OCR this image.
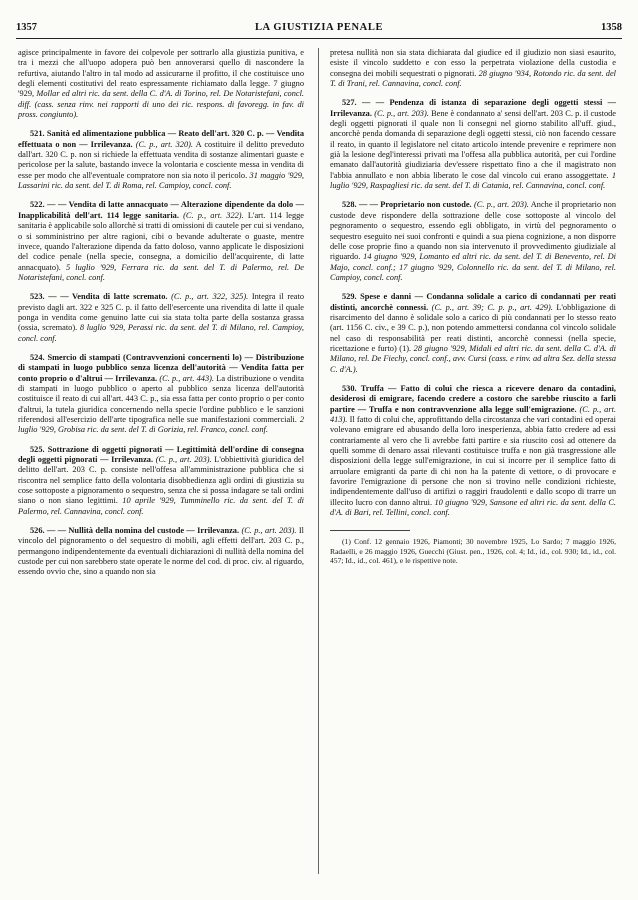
1357	LA GIUSTIZIA PENALE	1358

agisce principalmente in favore dei colpevole per sottrarlo alla giustizia punitiva, e tra i mezzi che all'uopo adopera può ben annoverarsi quello di nascondere la refurtiva, aiutando l'altro in tal modo ad assicurarne il profitto, il che costituisce uno degli elementi costitutivi del reato espressamente richiamato dalla legge. 7 giugno '929, Mollar ed altri ric. da sent. della C. d'A. di Torino, rel. De Notaristefani, concl. diff. (cass. senza rinv. nei rapporti di uno dei ric. respons. di favoregg. in fav. di pross. congiunto).

521. Sanità ed alimentazione pubblica — Reato dell'art. 320 C. p. — Vendita effettuata o non — Irrilevanza. (C. p., art. 320). A costituire il delitto preveduto dall'art. 320 C. p. non si richiede la effettuata vendita di sostanze alimentari guaste e pericolose per la salute, bastando invece la volontaria e cosciente messa in vendita di esse per modo che all'eventuale compratore non sia noto il pericolo. 31 maggio '929, Lassarini ric. da sent. del T. di Roma, rel. Campioy, concl. conf.

522. — — Vendita di latte annacquato — Alterazione dipendente da dolo — Inapplicabilità dell'art. 114 legge sanitaria. (C. p., art. 322). L'art. 114 legge sanitaria è applicabile solo allorchè si tratti di omissioni di cautele per cui si vendano, o si somministrino per altre ragioni, cibi o bevande adulterate o guaste, mentre invece, quando l'alterazione dipenda da fatto doloso, vanno applicate le disposizioni del codice penale (nella specie, consegna, a domicilio dell'acquirente, di latte annacquato). 5 luglio '929, Ferrara ric. da sent. del T. di Palermo, rel. De Notaristefani, concl. conf.

523. — — Vendita di latte scremato. (C. p., art. 322, 325). Integra il reato previsto dagli art. 322 e 325 C. p. il fatto dell'esercente una rivendita di latte il quale ponga in vendita come genuino latte cui sia stata tolta parte della sostanza grassa (ossia, scremato). 8 luglio '929, Perassi ric. da sent. del T. di Milano, rel. Campioy, concl. conf.

524. Smercio di stampati (Contravvenzioni concernenti lo) — Distribuzione di stampati in luogo pubblico senza licenza dell'autorità — Vendita fatta per conto proprio o d'altrui — Irrilevanza. (C. p., art. 443). La distribuzione o vendita di stampati in luogo pubblico o aperto al pubblico senza licenza dell'autorità costituisce il reato di cui all'art. 443 C. p., sia essa fatta per conto proprio o per conto d'altrui, la tutela giuridica concernendo nella specie l'ordine pubblico e le sanzioni riferendosi all'esercizio dell'arte tipografica nelle sue manifestazioni commerciali. 2 luglio '929, Grobisa ric. da sent. del T. di Gorizia, rel. Franco, concl. conf.

525. Sottrazione di oggetti pignorati — Legittimità dell'ordine di consegna degli oggetti pignorati — Irrilevanza. (C. p., art. 203). L'obbiettività giuridica del delitto dell'art. 203 C. p. consiste nell'offesa all'amministrazione pubblica che si riscontra nel semplice fatto della volontaria disobbedienza agli ordini di giustizia su cose sottoposte a pignoramento o sequestro, senza che si possa indagare se tali ordini siano o non siano legittimi. 10 aprile '929, Tumminello ric. da sent. del T. di Palermo, rel. Cannavina, concl. conf.

526. — — Nullità della nomina del custode — Irrilevanza. (C. p., art. 203). Il vincolo del pignoramento o del sequestro di mobili, agli effetti dell'art. 203 C. p., permangono indipendentemente da eventuali dichiarazioni di nullità della nomina del custode per cui non sarebbero state operate le norme del cod. di proc. civ. al riguardo, essendo ovvio che, sino a quando non sia

pretesa nullità non sia stata dichiarata dal giudice ed il giudizio non siasi esaurito, esiste il vincolo suddetto e con esso la perpetrata violazione della custodia e consegna dei mobili sequestrati o pignorati. 28 giugno '934, Rotondo ric. da sent. del T. di Trani, rel. Cannavina, concl. conf.

527. — — Pendenza di istanza di separazione degli oggetti stessi — Irrilevanza. (C. p., art. 203). Bene è condannato a' sensi dell'art. 203 C. p. il custode degli oggetti pignorati il quale non li consegni nel giorno stabilito all'uff. giud., ancorchè penda domanda di separazione degli oggetti stessi, ciò non facendo cessare il reato, in quanto il legislatore nel citato articolo intende prevenire e reprimere non già la lesione degl'interessi privati ma l'offesa alla pubblica autorità, per cui l'ordine emanato dall'autorità giudiziaria dev'essere rispettato fino a che il magistrato non l'abbia annullato e non abbia liberato le cose dal vincolo cui erano assoggettate. 1 luglio '929, Raspagliesi ric. da sent. del T. di Catania, rel. Cannavina, concl. conf.

528. — — Proprietario non custode. (C. p., art. 203). Anche il proprietario non custode deve rispondere della sottrazione delle cose sottoposte al vincolo del pegnoramento o sequestro, essendo egli obbligato, in virtù del pegnoramento o sequestro eseguito nei suoi confronti e quindi a sua piena cognizione, a non disporre delle cose proprie fino a quando non sia intervenuto il provvedimento giudiziale al riguardo. 14 giugno '929, Lomanto ed altri ric. da sent. del T. di Benevento, rel. Di Majo, concl. conf.; 17 giugno '929, Colonnello ric. da sent. del T. di Milano, rel. Campioy, concl. conf.

529. Spese e danni — Condanna solidale a carico di condannati per reati distinti, ancorchè connessi. (C. p., art. 39; C. p. p., art. 429). L'obbligazione di risarcimento del danno è solidale solo a carico di più condannati per lo stesso reato (art. 1156 C. civ., e 39 C. p.), non potendo ammettersi condanna col vincolo solidale nel caso di responsabilità per reati distinti, ancorchè connessi (nella specie, ricettazione e furto) (1). 28 giugno '929, Midali ed altri ric. da sent. della C. d'A. di Milano, rel. De Fiechy, concl. conf., avv. Cursi (cass. e rinv. ad altra Sez. della stessa C. d'A.).

530. Truffa — Fatto di colui che riesca a ricevere denaro da contadini, desiderosi di emigrare, facendo credere a costoro che sarebbe riuscito a farli partire — Truffa e non contravvenzione alla legge sull'emigrazione. (C. p., art. 413). Il fatto di colui che, approfittando della circostanza che vari contadini ed operai volevano emigrare ed abusando della loro inesperienza, abbia fatto credere ad essi contrariamente al vero che li avrebbe fatti partire e sia riuscito così ad ottenere da quelli somme di denaro assai rilevanti costituisce truffa e non già trasgressione alle disposizioni della legge sull'emigrazione, in cui si incorre per il semplice fatto di arruolare emigranti da parte di chi non ha la patente di vettore, o di provocare e favorire l'emigrazione di persone che non si trovino nelle condizioni richieste, indipendentemente dall'uso di artifizi o raggiri fraudolenti e dallo scopo di trarre un illecito lucro con danno altrui. 10 giugno '929, Sansone ed altri ric. da sent. della C. d'A. di Bari, rel. Tellini, concl. conf.

(1) Conf. 12 gennaio 1926, Piamonti; 30 novembre 1925, Lo Sardo; 7 maggio 1926, Radaelli, e 26 maggio 1926, Guecchi (Giust. pen., 1926, col. 4; Id., id., col. 930; Id., id., col. 457; Id., id., col. 461), e le rispettive note.
